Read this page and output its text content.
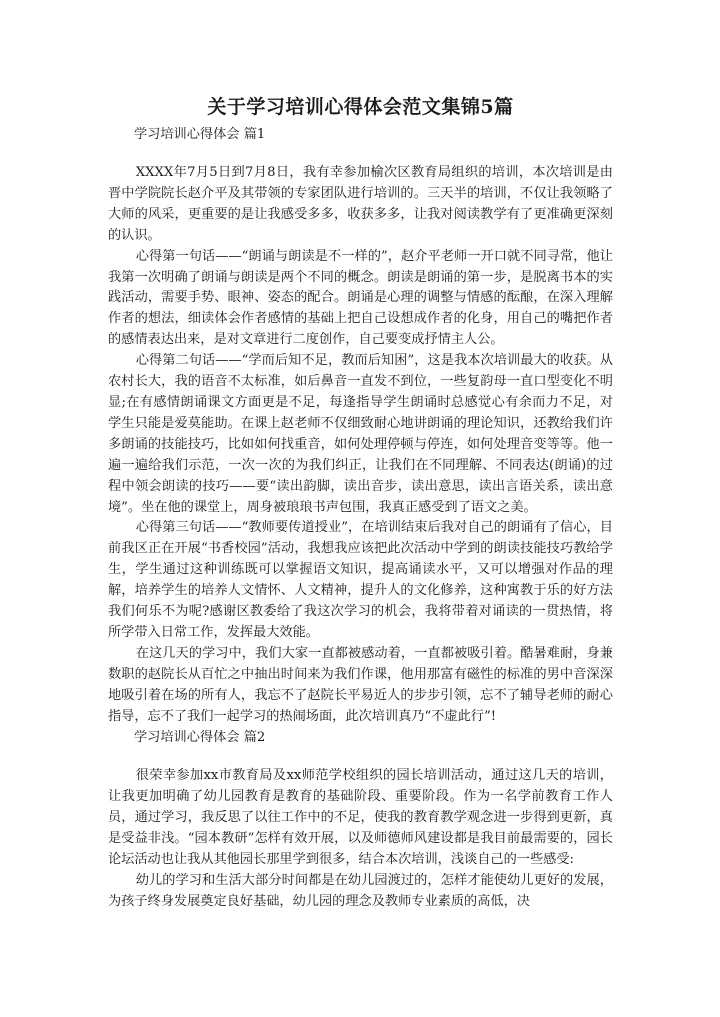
关于学习培训心得体会范文集锦5篇

学习培训心得体会 篇1

XXXX年7月5日到7月8日，我有幸参加榆次区教育局组织的培训，本次培训是由晋中学院院长赵介平及其带领的专家团队进行培训的。三天半的培训，不仅让我领略了大师的风采，更重要的是让我感受多多，收获多多，让我对阅读教学有了更准确更深刻的认识。

心得第一句话——“朗诵与朗读是不一样的”，赵介平老师一开口就不同寻常，他让我第一次明确了朗诵与朗读是两个不同的概念。朗读是朗诵的第一步，是脱离书本的实践活动，需要手势、眼神、姿态的配合。朗诵是心理的调整与情感的酝酿，在深入理解作者的想法，细读体会作者感情的基础上把自己设想成作者的化身，用自己的嘴把作者的感情表达出来，是对文章进行二度创作，自己要变成抒情主人公。

心得第二句话——“学而后知不足，教而后知困”，这是我本次培训最大的收获。从农村长大，我的语音不太标准，如后鼻音一直发不到位，一些复韵母一直口型变化不明显;在有感情朗诵课文方面更是不足，每逢指导学生朗诵时总感觉心有余而力不足，对学生只能是爱莫能助。在课上赵老师不仅细致耐心地讲朗诵的理论知识，还教给我们许多朗诵的技能技巧，比如如何找重音，如何处理停顿与停连，如何处理音变等等。他一遍一遍给我们示范，一次一次的为我们纠正，让我们在不同理解、不同表达(朗诵)的过程中领会朗读的技巧——要“读出韵脚，读出音步，读出意思，读出言语关系，读出意境”。坐在他的课堂上，周身被琅琅书声包围，我真正感受到了语文之美。

心得第三句话——“教师要传道授业”，在培训结束后我对自己的朗诵有了信心，目前我区正在开展“书香校园”活动，我想我应该把此次活动中学到的朗读技能技巧教给学生，学生通过这种训练既可以掌握语文知识，提高诵读水平，又可以增强对作品的理解，培养学生的培养人文情怀、人文精神，提升人的文化修养，这种寓教于乐的好方法我们何乐不为呢?感谢区教委给了我这次学习的机会，我将带着对诵读的一贯热情，将所学带入日常工作，发挥最大效能。

在这几天的学习中，我们大家一直都被感动着，一直都被吸引着。酷暑难耐，身兼数职的赵院长从百忙之中抽出时间来为我们作课，他用那富有磁性的标准的男中音深深地吸引着在场的所有人，我忘不了赵院长平易近人的步步引领，忘不了辅导老师的耐心指导，忘不了我们一起学习的热闹场面，此次培训真乃“不虚此行”!

学习培训心得体会 篇2

很荣幸参加xx市教育局及xx师范学校组织的园长培训活动，通过这几天的培训，让我更加明确了幼儿园教育是教育的基础阶段、重要阶段。作为一名学前教育工作人员，通过学习，我反思了以往工作中的不足，使我的教育教学观念进一步得到更新，真是受益非浅。“园本教研”怎样有效开展，以及师德师风建设都是我目前最需要的，园长论坛活动也让我从其他园长那里学到很多，结合本次培训，浅谈自己的一些感受:

幼儿的学习和生活大部分时间都是在幼儿园渡过的，怎样才能使幼儿更好的发展，为孩子终身发展奠定良好基础，幼儿园的理念及教师专业素质的高低，决
